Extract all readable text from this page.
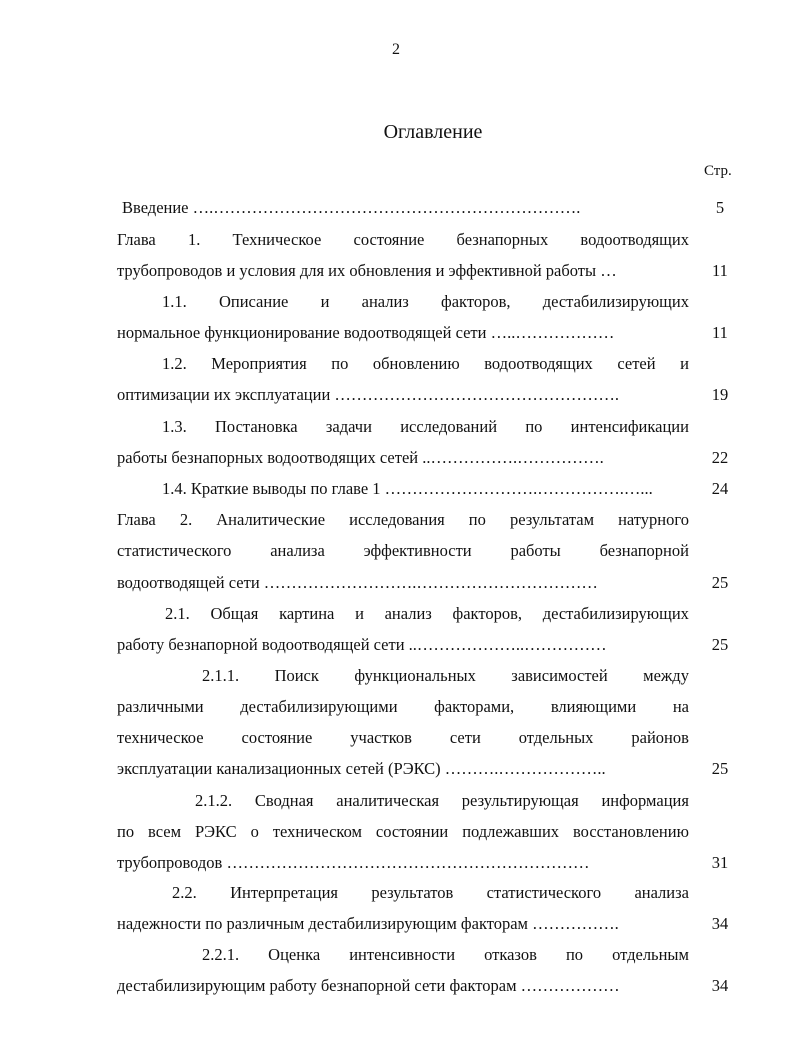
2
Оглавление
Стр.
Введение ….………………………………………………………….	5
Глава 1. Техническое состояние безнапорных водоотводящих
трубопроводов и условия для их обновления и эффективной работы …	11
1.1. Описание и анализ факторов, дестабилизирующих
нормальное функционирование водоотводящей сети …..………………	11
1.2. Мероприятия по обновлению водоотводящих сетей и
оптимизации их эксплуатации …………………………………………….	19
1.3. Постановка задачи исследований по интенсификации
работы безнапорных водоотводящих сетей ..…………….…………….	22
1.4. Краткие выводы по главе 1 ……………………….…………….…...	24
Глава 2. Аналитические исследования по результатам натурного
статистического анализа эффективности работы безнапорной
водоотводящей сети ……………………….……………………………	25
2.1. Общая картина и анализ факторов, дестабилизирующих
работу безнапорной водоотводящей сети ..………………..……………	25
2.1.1. Поиск функциональных зависимостей между
различными дестабилизирующими факторами, влияющими на
техническое состояние участков сети отдельных районов
эксплуатации канализационных сетей (РЭКС) ……….………………..	25
2.1.2. Сводная аналитическая результирующая информация
по всем РЭКС о техническом состоянии подлежавших восстановлению
трубопроводов …………………………………………………………	31
2.2. Интерпретация результатов статистического анализа
надежности по различным дестабилизирующим факторам …………….	34
2.2.1. Оценка интенсивности отказов по отдельным
дестабилизирующим работу безнапорной сети факторам ………………	34
